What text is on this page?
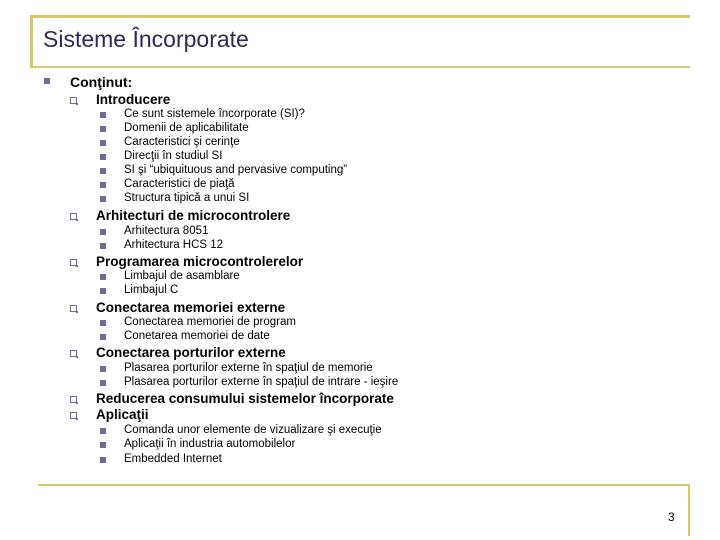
Sisteme Încorporate
Conţinut:
Introducere
Ce sunt sistemele încorporate (SI)?
Domenii de aplicabilitate
Caracteristici şi cerinţe
Direcţii în studiul SI
SI şi “ubiquituous and pervasive computing”
Caracteristici de piaţă
Structura tipică a unui SI
Arhitecturi de microcontrolere
Arhitectura 8051
Arhitectura HCS 12
Programarea microcontrolerelor
Limbajul de asamblare
Limbajul C
Conectarea memoriei externe
Conectarea memoriei de program
Conetarea memoriei de date
Conectarea porturilor externe
Plasarea porturilor externe în spaţiul de memorie
Plasarea porturilor externe în spaţiul de intrare - ieşire
Reducerea consumului sistemelor încorporate
Aplicaţii
Comanda unor elemente de vizualizare şi execuţie
Aplicaţii în industria automobilelor
Embedded Internet
3
